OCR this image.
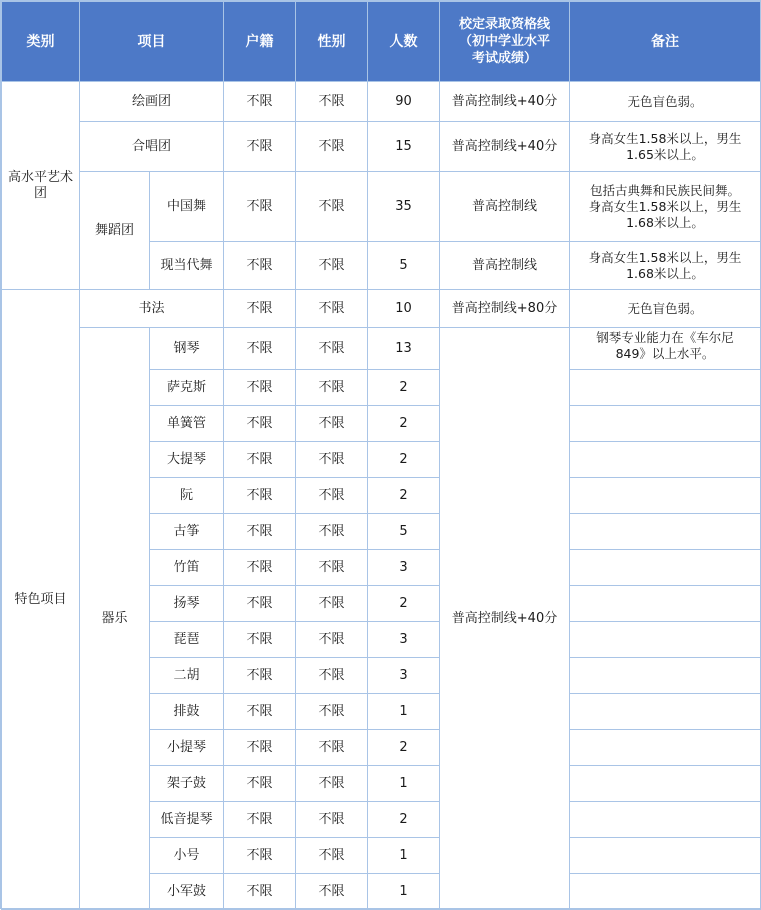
类别	项目		户籍	性别	人数	校定录取资格线
（初中学业水平
考试成绩）	备注
高水平艺术团	绘画团		不限	不限	90	普高控制线+40分	无色盲色弱。

	合唱团		不限	不限	15	普高控制线+40分	身高女生1.58米以上，男生
1.65米以上。

	舞蹈团	中国舞	不限	不限	35	普高控制线	包括古典舞和民族民间舞。
身高女生1.58米以上，男生
1.68米以上。

		现当代舞	不限	不限	5	普高控制线	身高女生1.58米以上，男生
1.68米以上。

特色项目	书法		不限	不限	10	普高控制线+80分	无色盲色弱。

	器乐	钢琴	不限	不限	13	普高控制线+40分	钢琴专业能力在《车尔尼
849》以上水平。

		萨克斯	不限	不限	2		
		单簧管	不限	不限	2		
		大提琴	不限	不限	2		
		阮	不限	不限	2		
		古筝	不限	不限	5		
		竹笛	不限	不限	3		
		扬琴	不限	不限	2		
		琵琶	不限	不限	3		
		二胡	不限	不限	3		
		排鼓	不限	不限	1		
		小提琴	不限	不限	2		
		架子鼓	不限	不限	1		
		低音提琴	不限	不限	2		
		小号	不限	不限	1		
		小军鼓	不限	不限	1		
